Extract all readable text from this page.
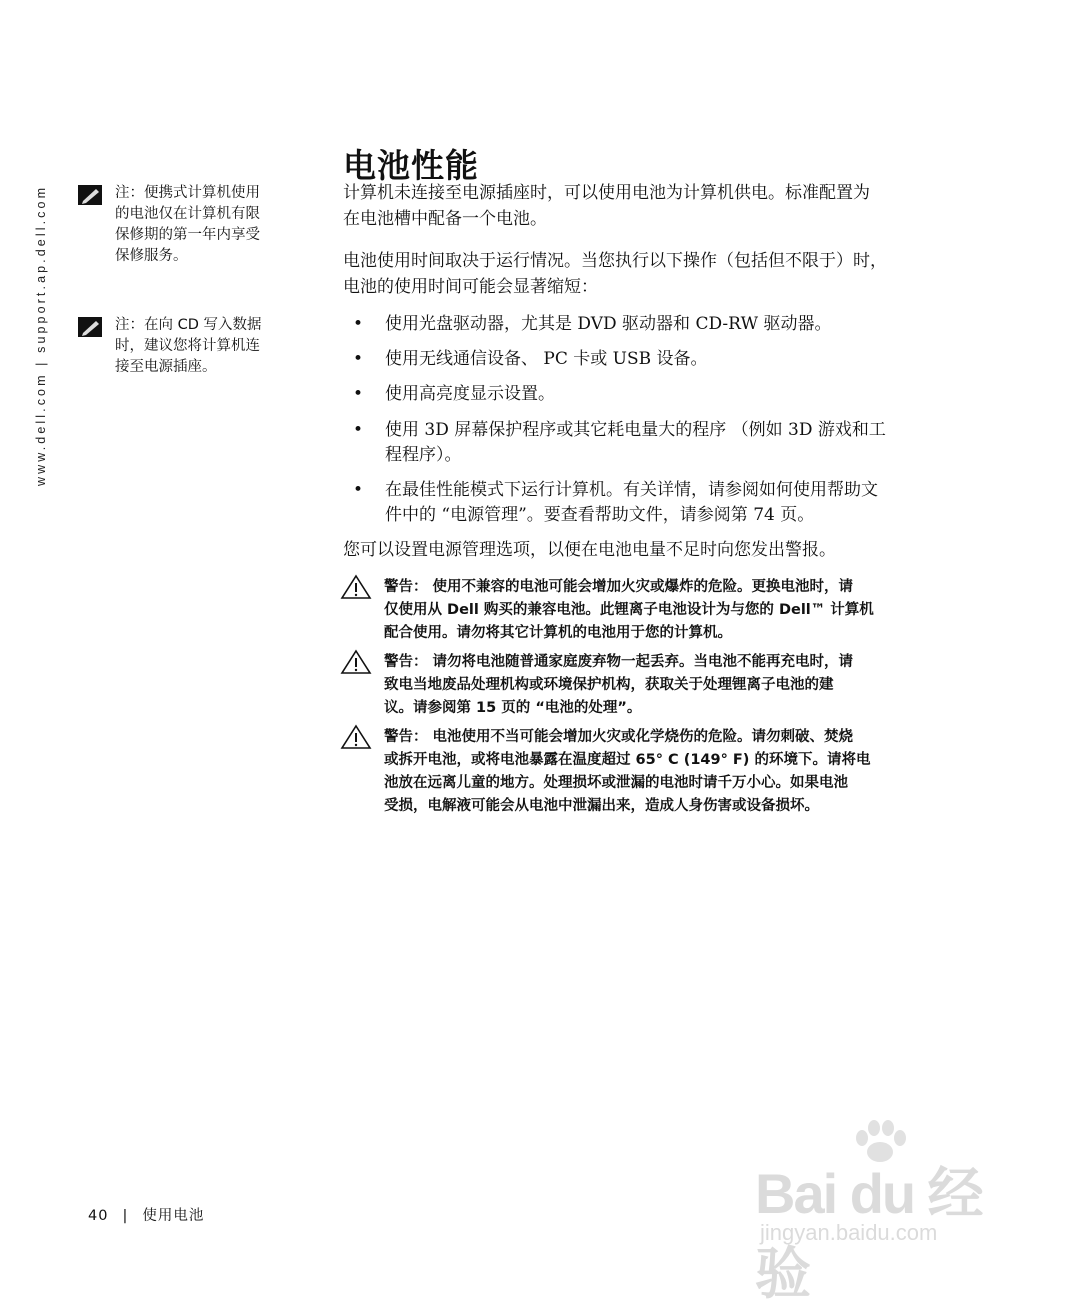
www.dell.com | support.ap.dell.com	注：便携式计算机使用
的电池仅在计算机有限
保修期的第一年内享受
保修服务。
注：在向 CD 写入数据
时，建议您将计算机连
接至电源插座。
电池性能
计算机未连接至电源插座时，可以使用电池为计算机供电。标准配置为
在电池槽中配备一个电池。
电池使用时间取决于运行情况。当您执行以下操作（包括但不限于）时，
电池的使用时间可能会显著缩短：
• 使用光盘驱动器，尤其是 DVD 驱动器和 CD-RW 驱动器。
• 使用无线通信设备、 PC 卡或 USB 设备。
• 使用高亮度显示设置。
• 使用 3D 屏幕保护程序或其它耗电量大的程序 （例如 3D 游戏和工
程程序）。
• 在最佳性能模式下运行计算机。有关详情，请参阅如何使用帮助文
件中的 “电源管理”。要查看帮助文件，请参阅第 74 页。
您可以设置电源管理选项，以便在电池电量不足时向您发出警报。
警告： 使用不兼容的电池可能会增加火灾或爆炸的危险。更换电池时，请
仅使用从 Dell 购买的兼容电池。此锂离子电池设计为与您的 Dell™ 计算机
配合使用。请勿将其它计算机的电池用于您的计算机。
警告： 请勿将电池随普通家庭废弃物一起丢弃。当电池不能再充电时，请
致电当地废品处理机构或环境保护机构，获取关于处理锂离子电池的建
议。请参阅第 15 页的 “电池的处理”。
警告： 电池使用不当可能会增加火灾或化学烧伤的危险。请勿刺破、焚烧
或拆开电池，或将电池暴露在温度超过 65° C (149° F) 的环境下。请将电
池放在远离儿童的地方。处理损坏或泄漏的电池时请千万小心。如果电池
受损，电解液可能会从电池中泄漏出来，造成人身伤害或设备损坏。
40 | 使用电池	Bai du 经验
jingyan.baidu.com
